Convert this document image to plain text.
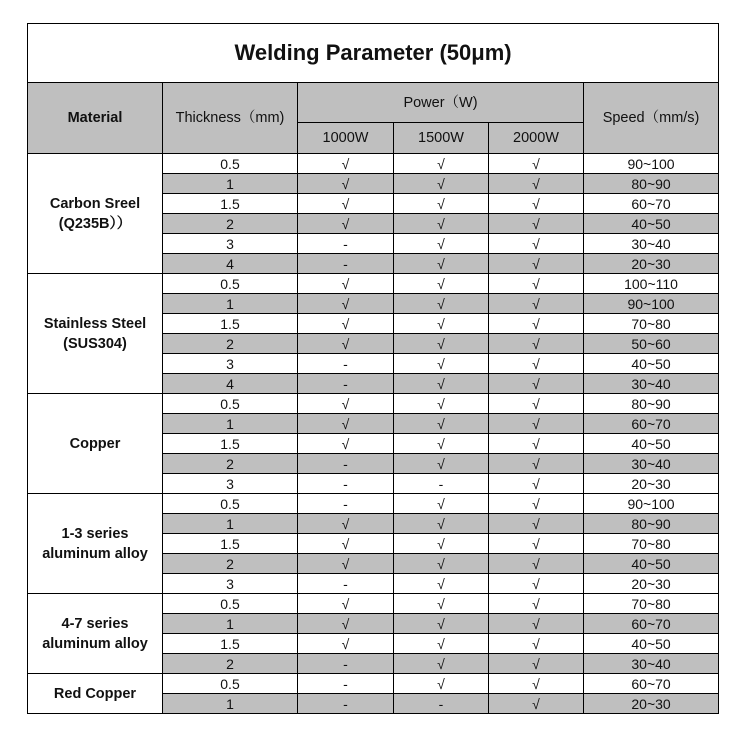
Welding Parameter (50μm)					
Material	Thickness（mm)	Power（W)			Speed（mm/s)
		1000W	1500W	2000W	

Carbon Sreel
(Q235B））	0.5	√	√	√	90~100
	1	√	√	√	80~90
	1.5	√	√	√	60~70
	2	√	√	√	40~50
	3	-	√	√	30~40
	4	-	√	√	20~30

Stainless Steel
(SUS304)	0.5	√	√	√	100~110
	1	√	√	√	90~100
	1.5	√	√	√	70~80
	2	√	√	√	50~60
	3	-	√	√	40~50
	4	-	√	√	30~40

Copper	0.5	√	√	√	80~90
	1	√	√	√	60~70
	1.5	√	√	√	40~50
	2	-	√	√	30~40
	3	-	-	√	20~30

1-3 series
aluminum alloy	0.5	-	√	√	90~100
	1	√	√	√	80~90
	1.5	√	√	√	70~80
	2	√	√	√	40~50
	3	-	√	√	20~30

4-7 series
aluminum alloy	0.5	√	√	√	70~80
	1	√	√	√	60~70
	1.5	√	√	√	40~50
	2	-	√	√	30~40

Red Copper	0.5	-	√	√	60~70
	1	-	-	√	20~30
